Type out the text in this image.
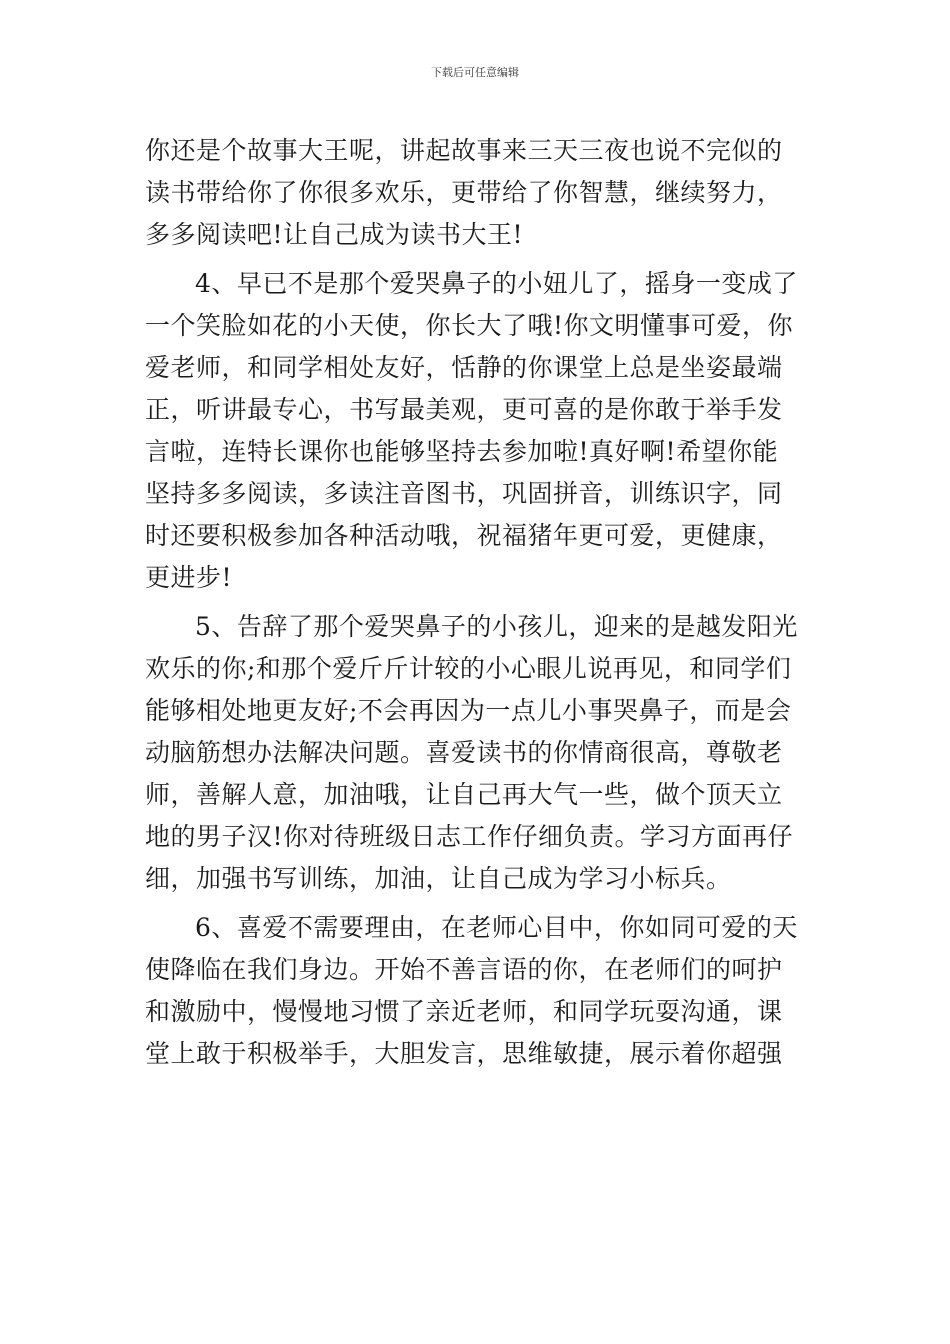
下载后可任意编辑

你还是个故事大王呢，讲起故事来三天三夜也说不完似的
读书带给你了你很多欢乐，更带给了你智慧，继续努力，
多多阅读吧!让自己成为读书大王!

4、早已不是那个爱哭鼻子的小妞儿了，摇身一变成了
一个笑脸如花的小天使，你长大了哦!你文明懂事可爱，你
爱老师，和同学相处友好，恬静的你课堂上总是坐姿最端
正，听讲最专心，书写最美观，更可喜的是你敢于举手发
言啦，连特长课你也能够坚持去参加啦!真好啊!希望你能
坚持多多阅读，多读注音图书，巩固拼音，训练识字，同
时还要积极参加各种活动哦，祝福猪年更可爱，更健康，
更进步!

5、告辞了那个爱哭鼻子的小孩儿，迎来的是越发阳光
欢乐的你;和那个爱斤斤计较的小心眼儿说再见，和同学们
能够相处地更友好;不会再因为一点儿小事哭鼻子，而是会
动脑筋想办法解决问题。喜爱读书的你情商很高，尊敬老
师，善解人意，加油哦，让自己再大气一些，做个顶天立
地的男子汉!你对待班级日志工作仔细负责。学习方面再仔
细，加强书写训练，加油，让自己成为学习小标兵。

6、喜爱不需要理由，在老师心目中，你如同可爱的天
使降临在我们身边。开始不善言语的你，在老师们的呵护
和激励中，慢慢地习惯了亲近老师，和同学玩耍沟通，课
堂上敢于积极举手，大胆发言，思维敏捷，展示着你超强
